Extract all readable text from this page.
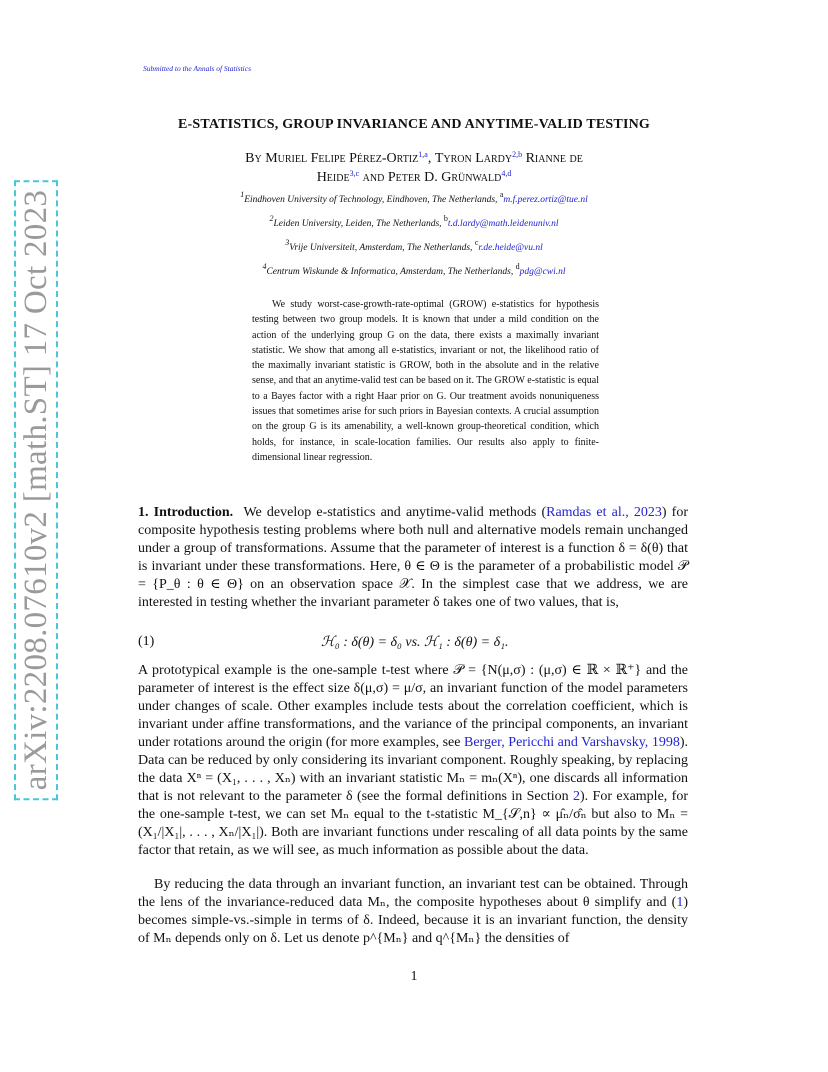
Submitted to the Annals of Statistics
arXiv:2208.07610v2 [math.ST] 17 Oct 2023
E-STATISTICS, GROUP INVARIANCE AND ANYTIME-VALID TESTING
By Muriel Felipe Pérez-Ortiz$^{1,a}$, Tyron Lardy$^{2,b}$ Rianne de
Heide$^{3,c}$ and Peter D. Grünwald$^{4,d}$
$^1$Eindhoven University of Technology, Eindhoven, The Netherlands, $^a$m.f.perez.ortiz@tue.nl
$^2$Leiden University, Leiden, The Netherlands, $^b$t.d.lardy@math.leidenuniv.nl
$^3$Vrije Universiteit, Amsterdam, The Netherlands, $^c$r.de.heide@vu.nl
$^4$Centrum Wiskunde & Informatica, Amsterdam, The Netherlands, $^d$pdg@cwi.nl
We study worst-case-growth-rate-optimal (GROW) e-statistics for hypothesis testing between two group models. It is known that under a mild condition on the action of the underlying group G on the data, there exists a maximally invariant statistic. We show that among all e-statistics, invariant or not, the likelihood ratio of the maximally invariant statistic is GROW, both in the absolute and in the relative sense, and that an anytime-valid test can be based on it. The GROW e-statistic is equal to a Bayes factor with a right Haar prior on G. Our treatment avoids nonuniqueness issues that sometimes arise for such priors in Bayesian contexts. A crucial assumption on the group G is its amenability, a well-known group-theoretical condition, which holds, for instance, in scale-location families. Our results also apply to finite-dimensional linear regression.
1. Introduction. We develop e-statistics and anytime-valid methods (Ramdas et al., 2023) for composite hypothesis testing problems where both null and alternative models remain unchanged under a group of transformations. Assume that the parameter of interest is a function δ = δ(θ) that is invariant under these transformations. Here, θ ∈ Θ is the parameter of a probabilistic model 𝒫 = {P_θ : θ ∈ Θ} on an observation space 𝒳. In the simplest case that we address, we are interested in testing whether the invariant parameter δ takes one of two values, that is,
(1)	ℋ₀ : δ(θ) = δ₀ vs. ℋ₁ : δ(θ) = δ₁.
A prototypical example is the one-sample t-test where 𝒫 = {N(μ,σ) : (μ,σ) ∈ ℝ × ℝ⁺} and the parameter of interest is the effect size δ(μ,σ) = μ/σ, an invariant function of the model parameters under changes of scale. Other examples include tests about the correlation coefficient, which is invariant under affine transformations, and the variance of the principal components, an invariant under rotations around the origin (for more examples, see Berger, Pericchi and Varshavsky, 1998). Data can be reduced by only considering its invariant component. Roughly speaking, by replacing the data Xⁿ = (X₁, . . . , Xₙ) with an invariant statistic Mₙ = mₙ(Xⁿ), one discards all information that is not relevant to the parameter δ (see the formal definitions in Section 2). For example, for the one-sample t-test, we can set Mₙ equal to the t-statistic M_{𝒮,n} ∝ μ̂ₙ/σ̂ₙ but also to Mₙ = (X₁/|X₁|, . . . , Xₙ/|X₁|). Both are invariant functions under rescaling of all data points by the same factor that retain, as we will see, as much information as possible about the data.
By reducing the data through an invariant function, an invariant test can be obtained. Through the lens of the invariance-reduced data Mₙ, the composite hypotheses about θ simplify and (1) becomes simple-vs.-simple in terms of δ. Indeed, because it is an invariant function, the density of Mₙ depends only on δ. Let us denote p^{Mₙ} and q^{Mₙ} the densities of
1
